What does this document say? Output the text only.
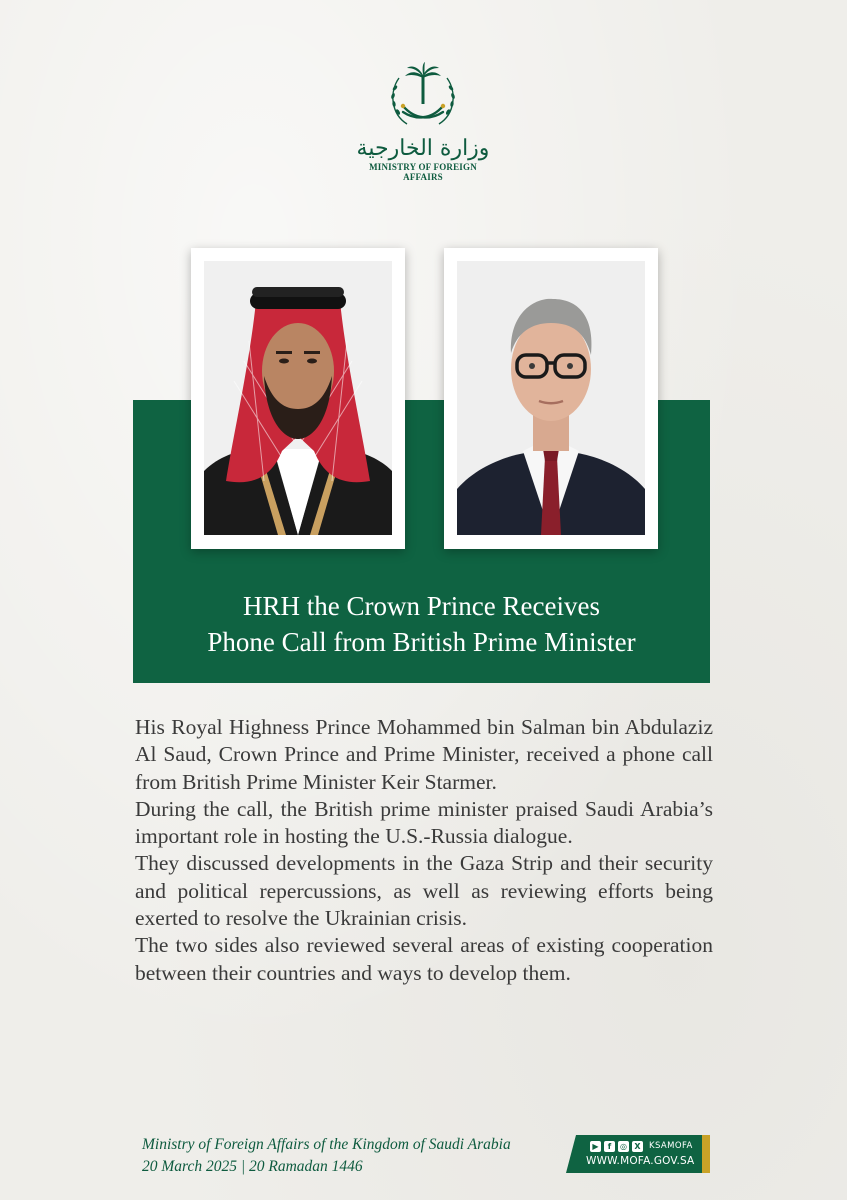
وزارة الخارجية
MINISTRY OF FOREIGN AFFAIRS
HRH the Crown Prince Receives
Phone Call from British Prime Minister

His Royal Highness Prince Mohammed bin Salman bin Abdulaziz Al Saud, Crown Prince and Prime Minister, received a phone call from British Prime Minister Keir Starmer.

During the call, the British prime minister praised Saudi Arabia’s important role in hosting the U.S.-Russia dialogue.

They discussed developments in the Gaza Strip and their security and political repercussions, as well as reviewing efforts being exerted to resolve the Ukrainian crisis.

The two sides also reviewed several areas of existing cooperation between their countries and ways to develop them.

Ministry of Foreign Affairs of the Kingdom of Saudi Arabia
20 March 2025 | 20 Ramadan 1446
▶	f	◎ X KSAMOFA
WWW.MOFA.GOV.SA
